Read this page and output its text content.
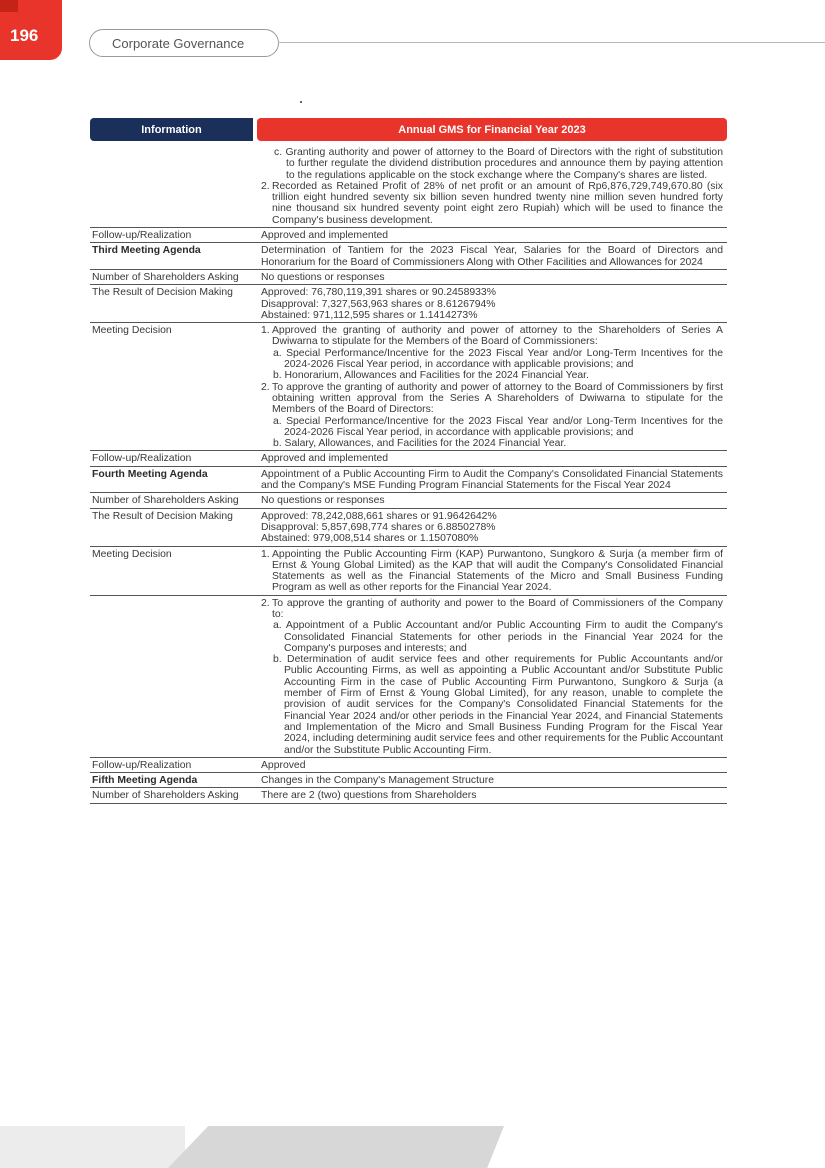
196	Corporate Governance
Information	Annual GMS for Financial Year 2023
c. Granting authority and power of attorney to the Board of Directors with the right of substitution to further regulate the dividend distribution procedures and announce them by paying attention to the regulations applicable on the stock exchange where the Company's shares are listed.
2. Recorded as Retained Profit of 28% of net profit or an amount of Rp6,876,729,749,670.80 (six trillion eight hundred seventy six billion seven hundred twenty nine million seven hundred forty nine thousand six hundred seventy point eight zero Rupiah) which will be used to finance the Company's business development.
Follow-up/Realization	Approved and implemented
Third Meeting Agenda	Determination of Tantiem for the 2023 Fiscal Year, Salaries for the Board of Directors and Honorarium for the Board of Commissioners Along with Other Facilities and Allowances for 2024
Number of Shareholders Asking	No questions or responses
The Result of Decision Making	Approved: 76,780,119,391 shares or 90.2458933%
Disapproval: 7,327,563,963 shares or 8.6126794%
Abstained: 971,112,595 shares or 1.1414273%
Meeting Decision	1. Approved the granting of authority and power of attorney to the Shareholders of Series A Dwiwarna to stipulate for the Members of the Board of Commissioners:
a. Special Performance/Incentive for the 2023 Fiscal Year and/or Long-Term Incentives for the 2024-2026 Fiscal Year period, in accordance with applicable provisions; and
b. Honorarium, Allowances and Facilities for the 2024 Financial Year.
2. To approve the granting of authority and power of attorney to the Board of Commissioners by first obtaining written approval from the Series A Shareholders of Dwiwarna to stipulate for the Members of the Board of Directors:
a. Special Performance/Incentive for the 2023 Fiscal Year and/or Long-Term Incentives for the 2024-2026 Fiscal Year period, in accordance with applicable provisions; and
b. Salary, Allowances, and Facilities for the 2024 Financial Year.
Follow-up/Realization	Approved and implemented
Fourth Meeting Agenda	Appointment of a Public Accounting Firm to Audit the Company's Consolidated Financial Statements and the Company's MSE Funding Program Financial Statements for the Fiscal Year 2024
Number of Shareholders Asking	No questions or responses
The Result of Decision Making	Approved: 78,242,088,661 shares or 91.9642642%
Disapproval: 5,857,698,774 shares or 6.8850278%
Abstained: 979,008,514 shares or 1.1507080%
Meeting Decision	1. Appointing the Public Accounting Firm (KAP) Purwantono, Sungkoro & Surja (a member firm of Ernst & Young Global Limited) as the KAP that will audit the Company's Consolidated Financial Statements as well as the Financial Statements of the Micro and Small Business Funding Program as well as other reports for the Financial Year 2024.
2. To approve the granting of authority and power to the Board of Commissioners of the Company to:
a. Appointment of a Public Accountant and/or Public Accounting Firm to audit the Company's Consolidated Financial Statements for other periods in the Financial Year 2024 for the Company's purposes and interests; and
b. Determination of audit service fees and other requirements for Public Accountants and/or Public Accounting Firms, as well as appointing a Public Accountant and/or Substitute Public Accounting Firm in the case of Public Accounting Firm Purwantono, Sungkoro & Surja (a member of Firm of Ernst & Young Global Limited), for any reason, unable to complete the provision of audit services for the Company's Consolidated Financial Statements for the Financial Year 2024 and/or other periods in the Financial Year 2024, and Financial Statements and Implementation of the Micro and Small Business Funding Program for the Fiscal Year 2024, including determining audit service fees and other requirements for the Public Accountant and/or the Substitute Public Accounting Firm.
Follow-up/Realization	Approved
Fifth Meeting Agenda	Changes in the Company's Management Structure
Number of Shareholders Asking	There are 2 (two) questions from Shareholders
